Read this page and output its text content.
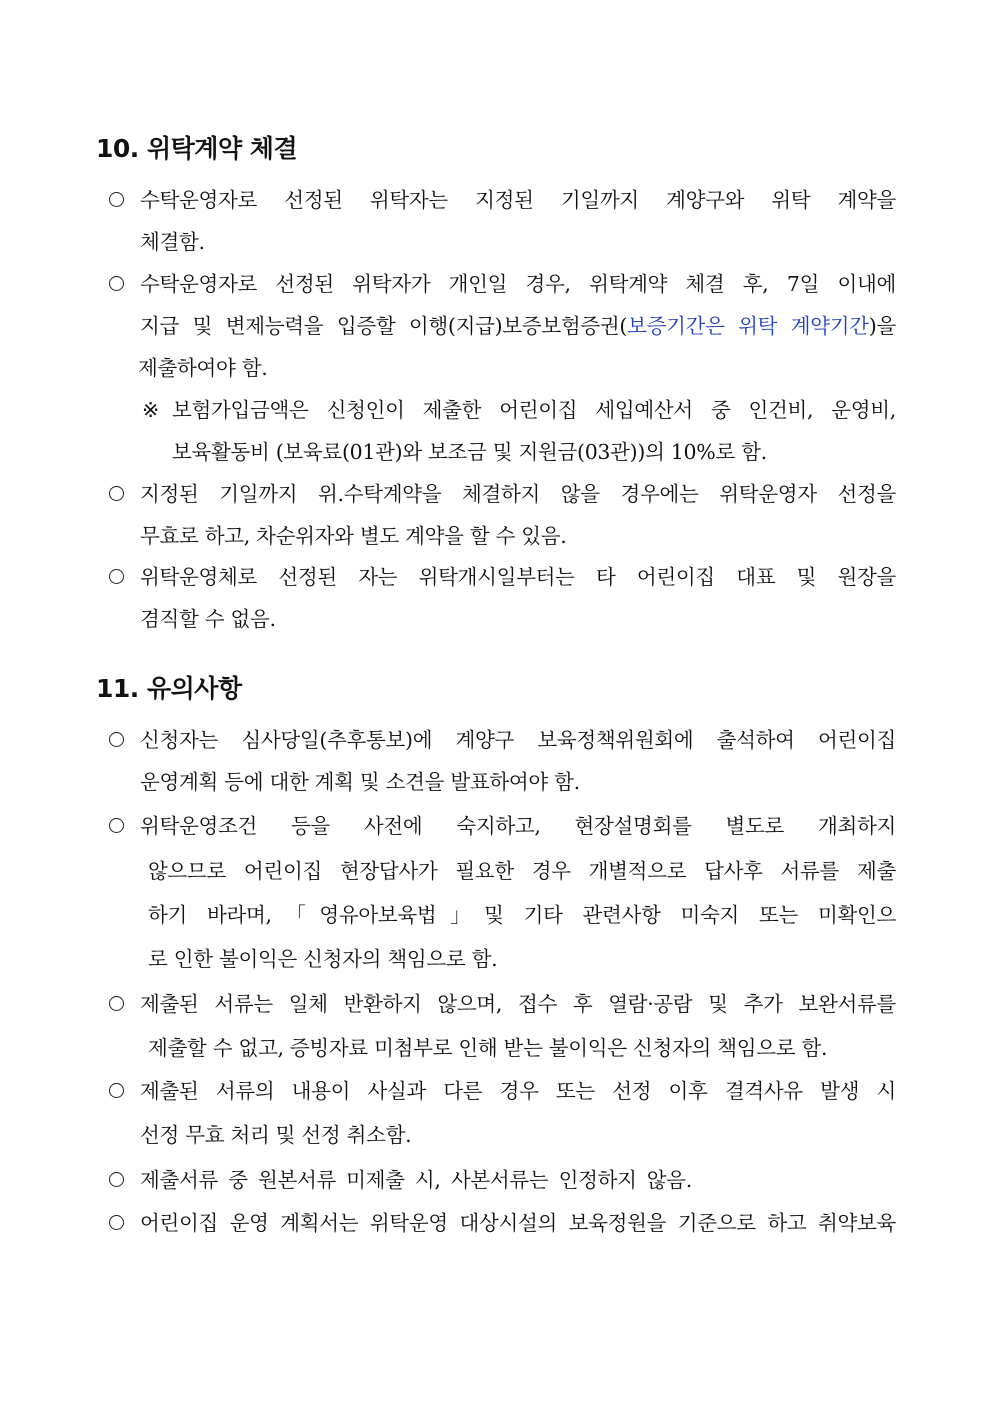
10. 위탁계약 체결
수탁운영자로 선정된 위탁자는 지정된 기일까지 계양구와 위탁 계약을
체결함.
수탁운영자로 선정된 위탁자가 개인일 경우, 위탁계약 체결 후, 7일 이내에
지급 및 변제능력을 입증할 이행(지급)보증보험증권(보증기간은 위탁 계약기간)을
제출하여야 함.
※ 보험가입금액은 신청인이 제출한 어린이집 세입예산서 중 인건비, 운영비,
보육활동비 (보육료(01관)와 보조금 및 지원금(03관))의 10%로 함.
지정된 기일까지 위.수탁계약을 체결하지 않을 경우에는 위탁운영자 선정을
무효로 하고, 차순위자와 별도 계약을 할 수 있음.
위탁운영체로 선정된 자는 위탁개시일부터는 타 어린이집 대표 및 원장을
겸직할 수 없음.
11. 유의사항
신청자는 심사당일(추후통보)에 계양구 보육정책위원회에 출석하여 어린이집
운영계획 등에 대한 계획 및 소견을 발표하여야 함.
위탁운영조건 등을 사전에 숙지하고, 현장설명회를 별도로 개최하지
않으므로 어린이집 현장답사가 필요한 경우 개별적으로 답사후 서류를 제출
하기 바라며,「영유아보육법」및 기타 관련사항 미숙지 또는 미확인으
로 인한 불이익은 신청자의 책임으로 함.
제출된 서류는 일체 반환하지 않으며, 접수 후 열람·공람 및 추가 보완서류를
제출할 수 없고, 증빙자료 미첨부로 인해 받는 불이익은 신청자의 책임으로 함.
제출된 서류의 내용이 사실과 다른 경우 또는 선정 이후 결격사유 발생 시
선정 무효 처리 및 선정 취소함.
제출서류 중 원본서류 미제출 시, 사본서류는 인정하지 않음.
어린이집 운영 계획서는 위탁운영 대상시설의 보육정원을 기준으로 하고 취약보육
